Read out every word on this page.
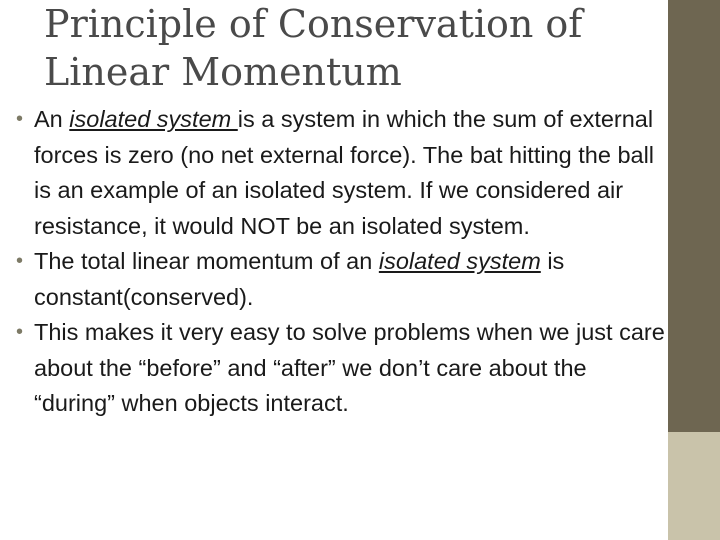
Principle of Conservation of
Linear Momentum

• An isolated system is a system in which the sum of external forces is zero (no net external force). The bat hitting the ball is an example of an isolated system. If we considered air resistance, it would NOT be an isolated system.

• The total linear momentum of an isolated system is constant(conserved).

• This makes it very easy to solve problems when we just care about the “before” and “after” we don’t care about the “during” when objects interact.
